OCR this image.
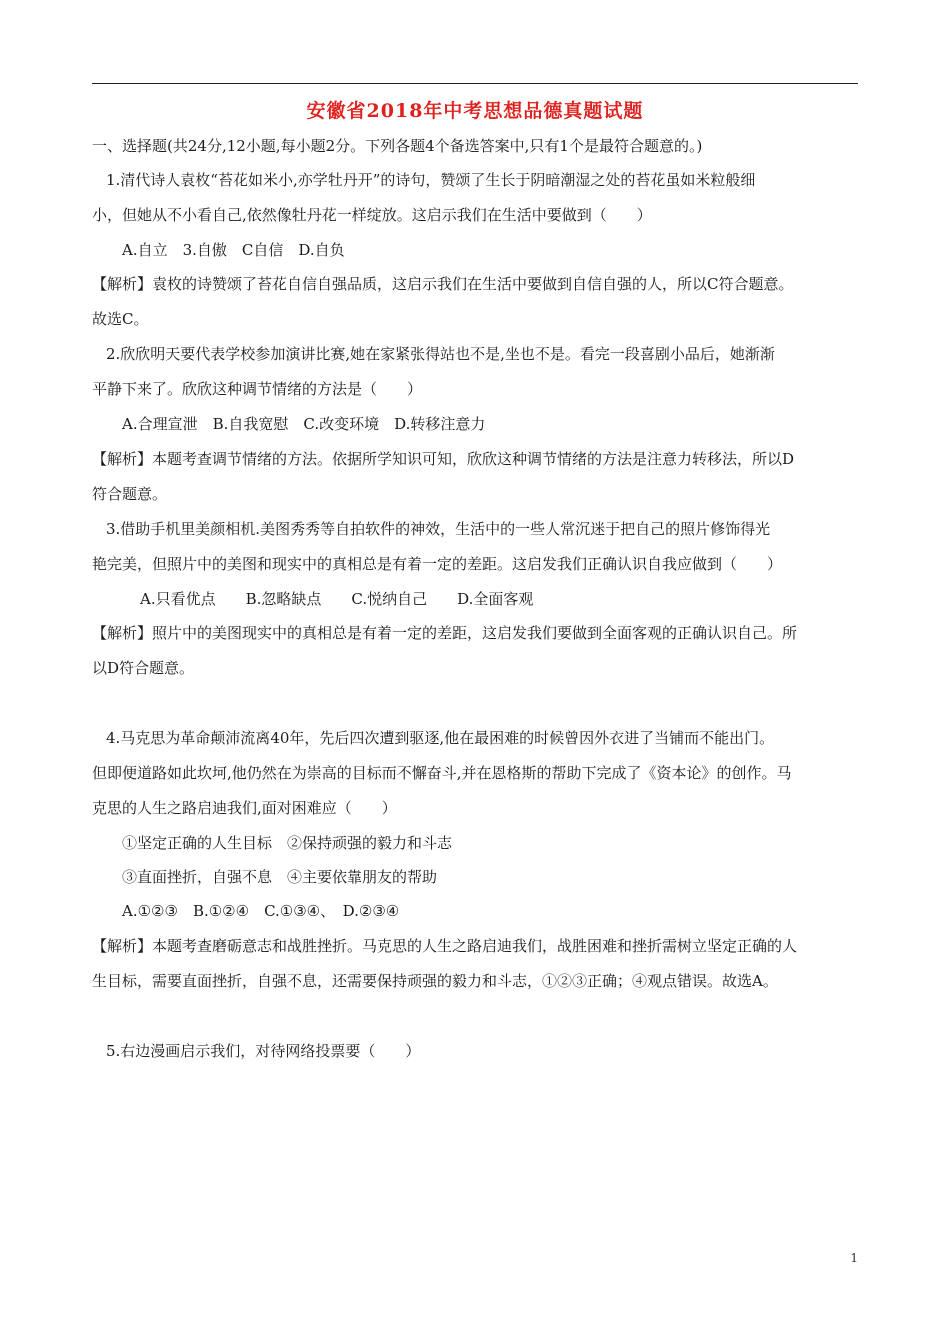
安徽省2018年中考思想品德真题试题
一、选择题(共24分,12小题,每小题2分。下列各题4个备选答案中,只有1个是最符合题意的。)
1.清代诗人袁枚“苔花如米小,亦学牡丹开”的诗句，赞颂了生长于阴暗潮湿之处的苔花虽如米粒般细
小，但她从不小看自己,依然像牡丹花一样绽放。这启示我们在生活中要做到（　　）
A.自立　3.自傲　C自信　D.自负
【解析】袁枚的诗赞颂了苔花自信自强品质，这启示我们在生活中要做到自信自强的人，所以C符合题意。
故选C。
2.欣欣明天要代表学校参加演讲比赛,她在家紧张得站也不是,坐也不是。看完一段喜剧小品后，她渐渐
平静下来了。欣欣这种调节情绪的方法是（　　）
A.合理宣泄　B.自我宽慰　C.改变环境　D.转移注意力
【解析】本题考查调节情绪的方法。依据所学知识可知，欣欣这种调节情绪的方法是注意力转移法，所以D
符合题意。
3.借助手机里美颜相机.美图秀秀等自拍软件的神效，生活中的一些人常沉迷于把自己的照片修饰得光
艳完美，但照片中的美图和现实中的真相总是有着一定的差距。这启发我们正确认识自我应做到（　　）
A.只看优点　　B.忽略缺点　　C.悦纳自己　　D.全面客观
【解析】照片中的美图现实中的真相总是有着一定的差距，这启发我们要做到全面客观的正确认识自己。所
以D符合题意。
4.马克思为革命颠沛流离40年，先后四次遭到驱逐,他在最困难的时候曾因外衣进了当铺而不能出门。
但即便道路如此坎坷,他仍然在为崇高的目标而不懈奋斗,并在恩格斯的帮助下完成了《资本论》的创作。马
克思的人生之路启迪我们,面对困难应（　　）
①坚定正确的人生目标　②保持顽强的毅力和斗志
③直面挫折，自强不息　④主要依靠朋友的帮助
A.①②③　B.①②④　C.①③④、　D.②③④
【解析】本题考查磨砺意志和战胜挫折。马克思的人生之路启迪我们，战胜困难和挫折需树立坚定正确的人
生目标，需要直面挫折，自强不息，还需要保持顽强的毅力和斗志，①②③正确；④观点错误。故选A。
5.右边漫画启示我们，对待网络投票要（　　）
1
